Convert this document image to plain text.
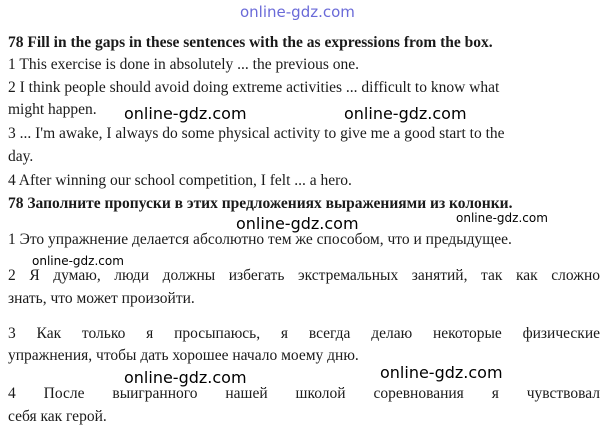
online-gdz.com

78 Fill in the gaps in these sentences with the as expressions from the box.

1 This exercise is done in absolutely ... the previous one.

2 I think people should avoid doing extreme activities ... difficult to know what

might happen.

3 ... I'm awake, I always do some physical activity to give me a good start to the

day.

4 After winning our school competition, I felt ... a hero.

78 Заполните пропуски в этих предложениях выражениями из колонки.

1 Это упражнение делается абсолютно тем же способом, что и предыдущее.

2 Я думаю, люди должны избегать экстремальных занятий, так как сложно

знать, что может произойти.

3 Как только я просыпаюсь, я всегда делаю некоторые физические

упражнения, чтобы дать хорошее начало моему дню.

4 После выигранного нашей школой соревнования я чувствовал

себя как герой.

online-gdz.com	online-gdz.com

online-gdz.com	online-gdz.com

online-gdz.com

online-gdz.com	online-gdz.com
